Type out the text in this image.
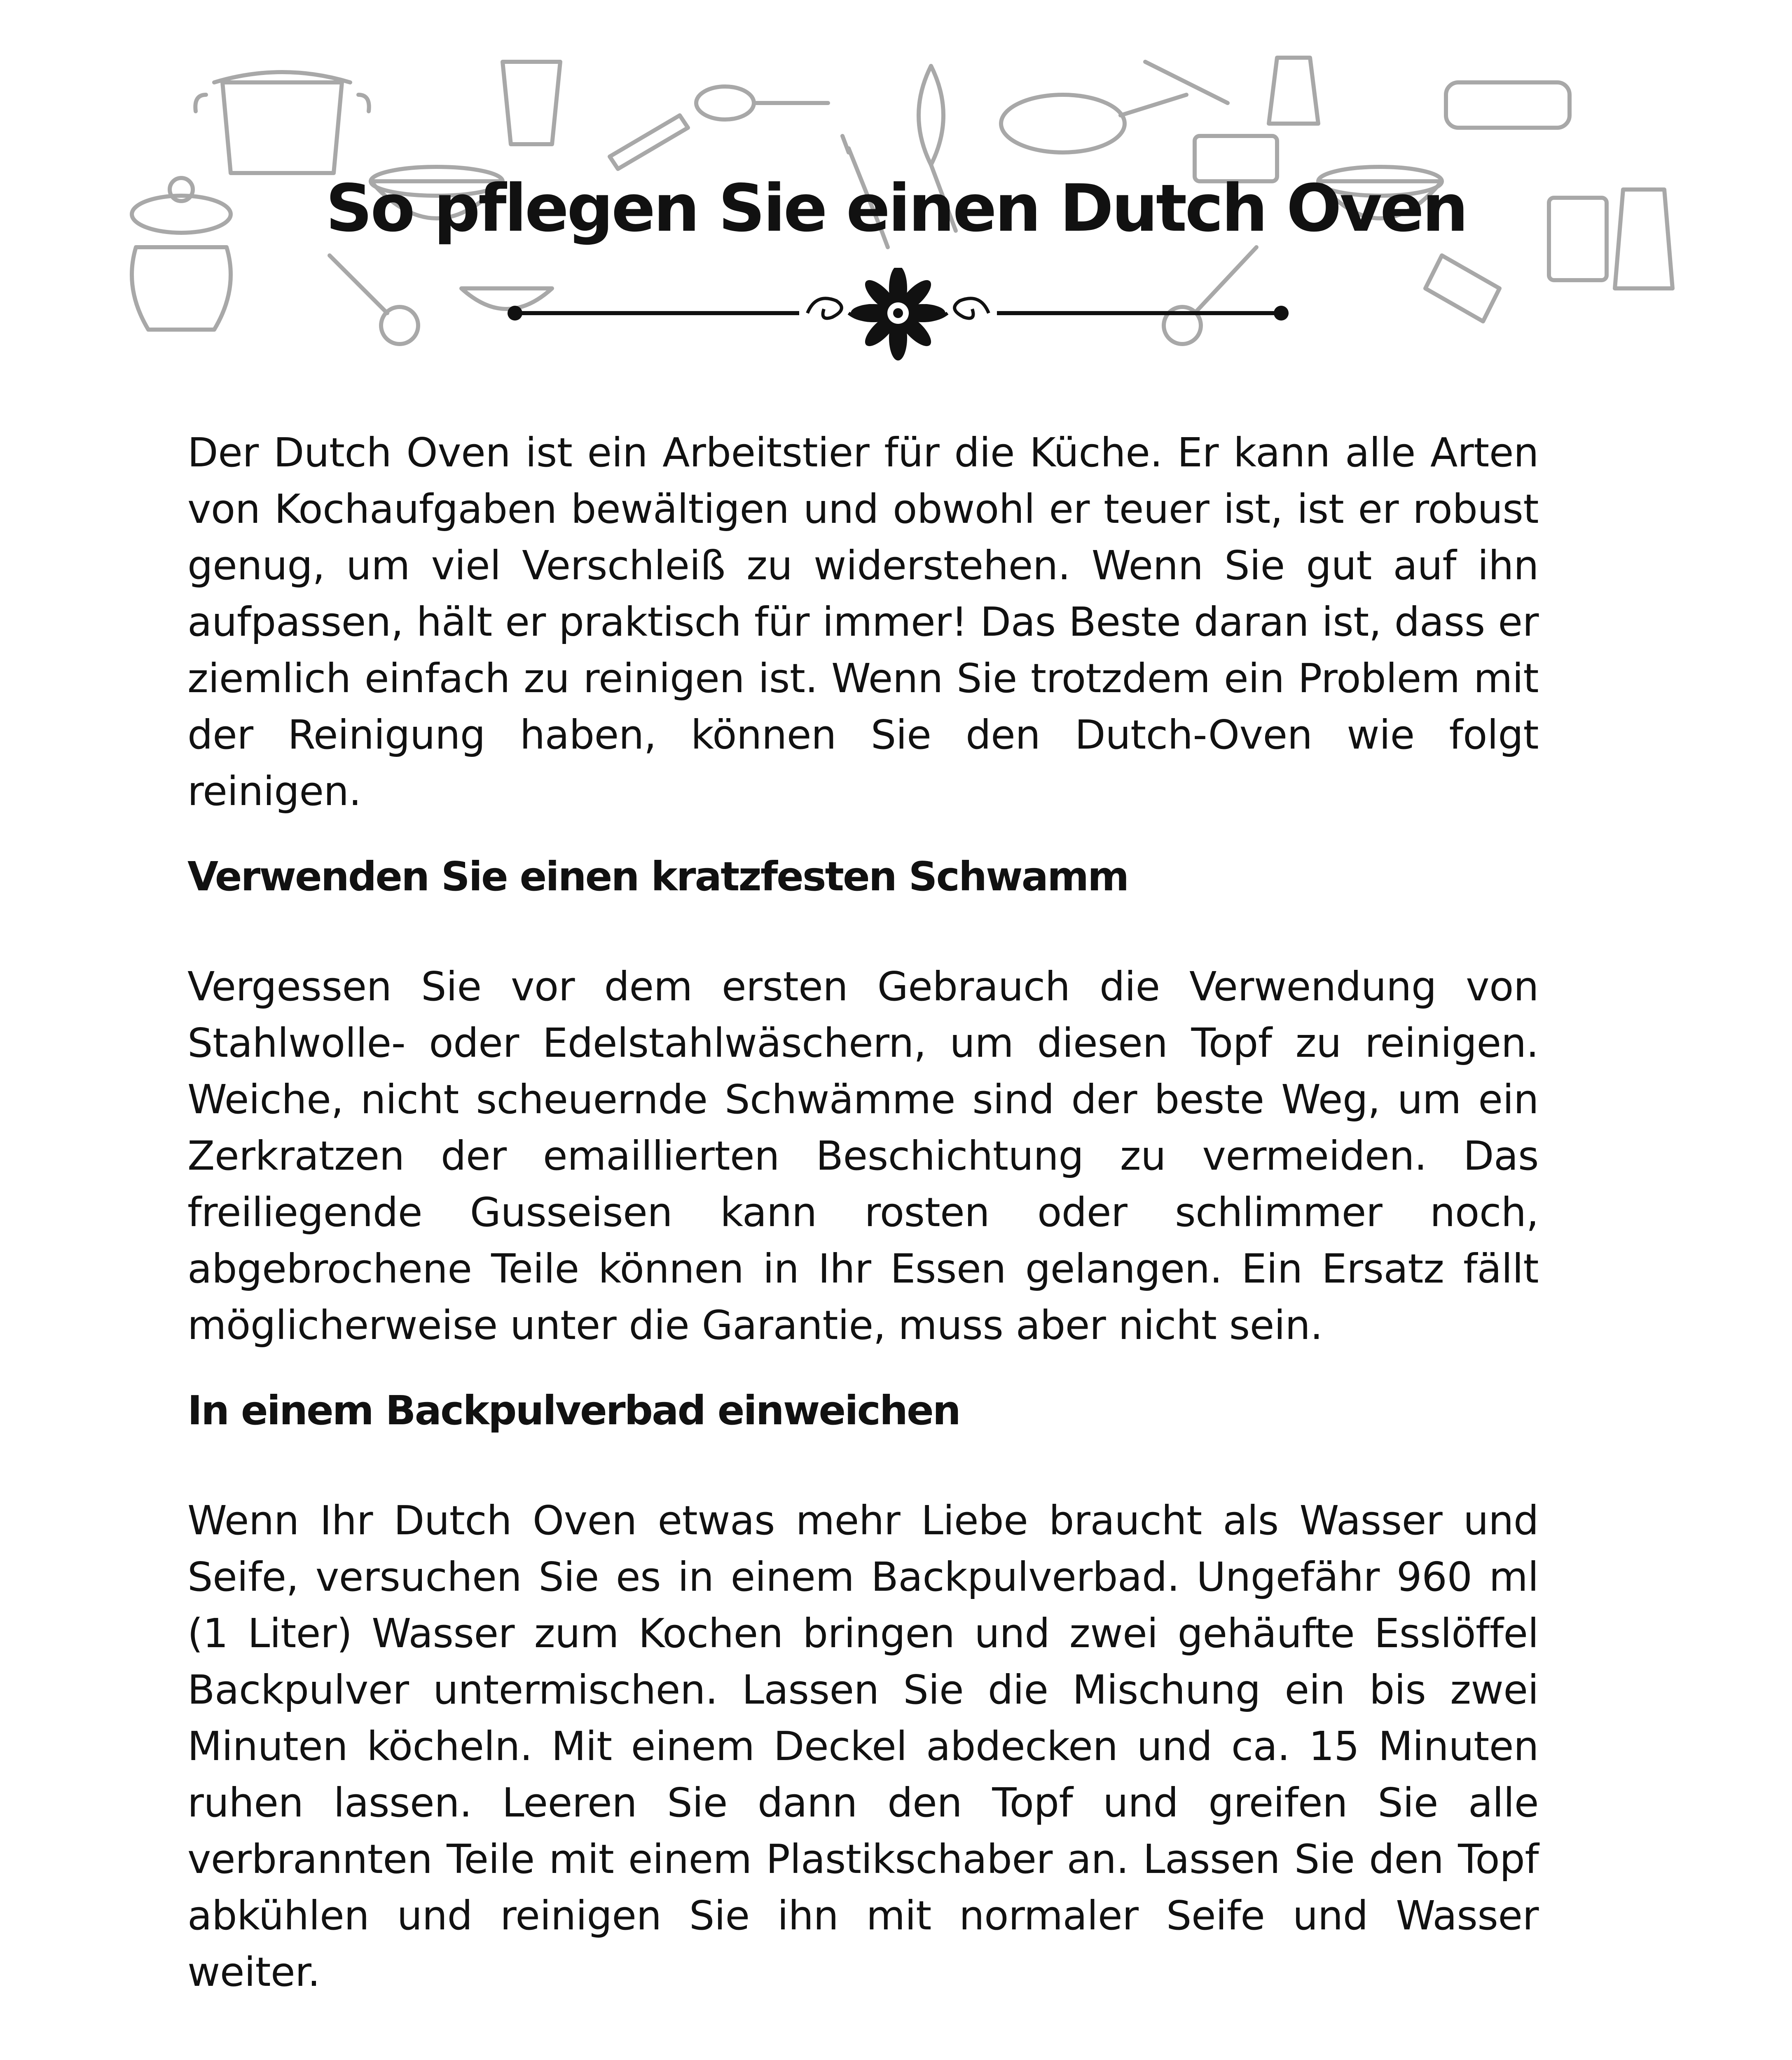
So pflegen Sie einen Dutch Oven

Der Dutch Oven ist ein Arbeitstier für die Küche. Er kann alle Arten von Kochaufgaben bewältigen und obwohl er teuer ist, ist er robust genug, um viel Verschleiß zu widerstehen. Wenn Sie gut auf ihn aufpassen, hält er praktisch für immer! Das Beste daran ist, dass er ziemlich einfach zu reinigen ist. Wenn Sie trotzdem ein Problem mit der Reinigung haben, können Sie den Dutch-Oven wie folgt reinigen.

Verwenden Sie einen kratzfesten Schwamm

Vergessen Sie vor dem ersten Gebrauch die Verwendung von Stahlwolle- oder Edelstahlwäschern, um diesen Topf zu reinigen. Weiche, nicht scheuernde Schwämme sind der beste Weg, um ein Zerkratzen der emaillierten Beschichtung zu vermeiden. Das freiliegende Gusseisen kann rosten oder schlimmer noch, abgebrochene Teile können in Ihr Essen gelangen. Ein Ersatz fällt möglicherweise unter die Garantie, muss aber nicht sein.

In einem Backpulverbad einweichen

Wenn Ihr Dutch Oven etwas mehr Liebe braucht als Wasser und Seife, versuchen Sie es in einem Backpulverbad. Ungefähr 960 ml (1 Liter) Wasser zum Kochen bringen und zwei gehäufte Esslöffel Backpulver untermischen. Lassen Sie die Mischung ein bis zwei Minuten köcheln. Mit einem Deckel abdecken und ca. 15 Minuten ruhen lassen. Leeren Sie dann den Topf und greifen Sie alle verbrannten Teile mit einem Plastikschaber an. Lassen Sie den Topf abkühlen und reinigen Sie ihn mit normaler Seife und Wasser weiter.
